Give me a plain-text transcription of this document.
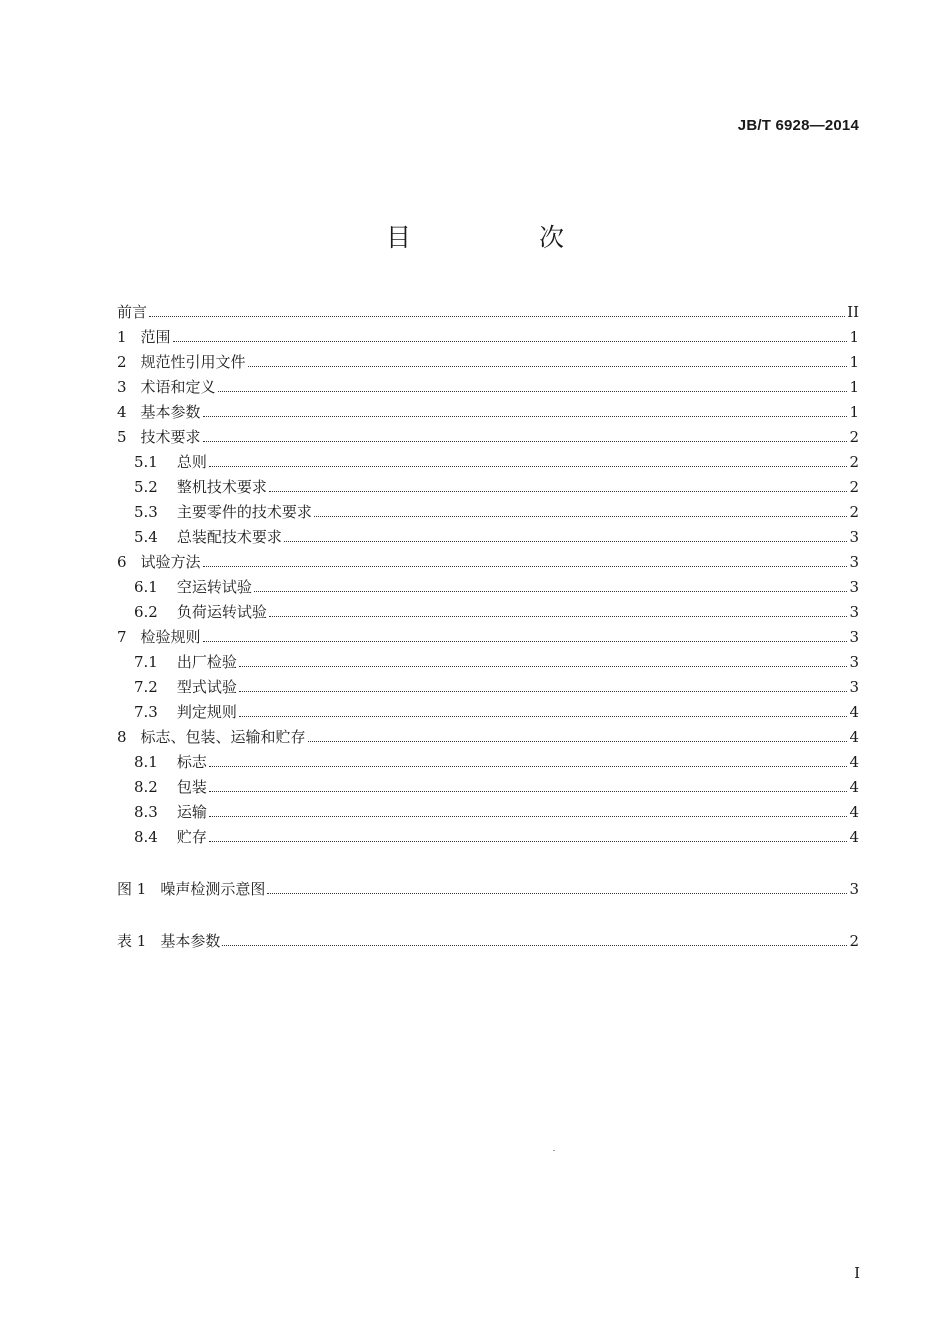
JB/T 6928—2014
目 次
前言	II
1 范围	1
2 规范性引用文件	1
3 术语和定义	1
4 基本参数	1
5 技术要求	2
5.1	总则	2
5.2	整机技术要求	2
5.3	主要零件的技术要求	2
5.4	总装配技术要求	3
6 试验方法	3
6.1	空运转试验	3
6.2	负荷运转试验	3
7 检验规则	3
7.1	出厂检验	3
7.2	型式试验	3
7.3	判定规则	4
8 标志、包装、运输和贮存	4
8.1	标志	4
8.2	包装	4
8.3	运输	4
8.4	贮存	4
图 1 噪声检测示意图	3
表 1 基本参数	2
I
